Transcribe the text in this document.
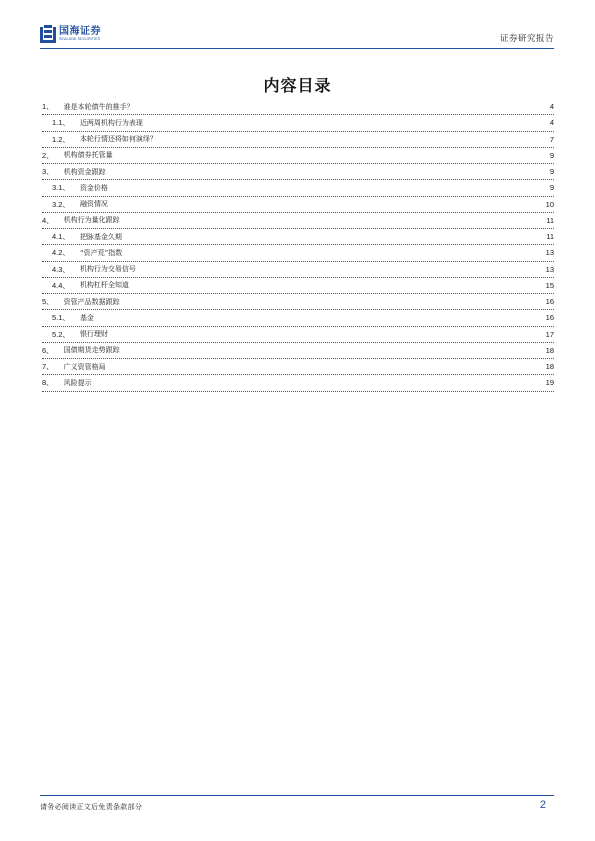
国海证券
SEALAND SECURITIES	证券研究报告
内容目录
1、 谁是本轮债牛的推手？	4
1.1、 近两周机构行为表现	4
1.2、 本轮行情还将如何演绎？	7
2、 机构债券托管量	9
3、 机构资金跟踪	9
3.1、 资金价格	9
3.2、 融资情况	10
4、 机构行为量化跟踪	11
4.1、 把脉基金久期	11
4.2、 “资产荒”指数	13
4.3、 机构行为交易信号	13
4.4、 机构杠杆全知道	15
5、 资管产品数据跟踪	16
5.1、 基金	16
5.2、 银行理财	17
6、 国债期货走势跟踪	18
7、 广义资管格局	18
8、 风险提示	19
请务必阅读正文后免责条款部分	2
